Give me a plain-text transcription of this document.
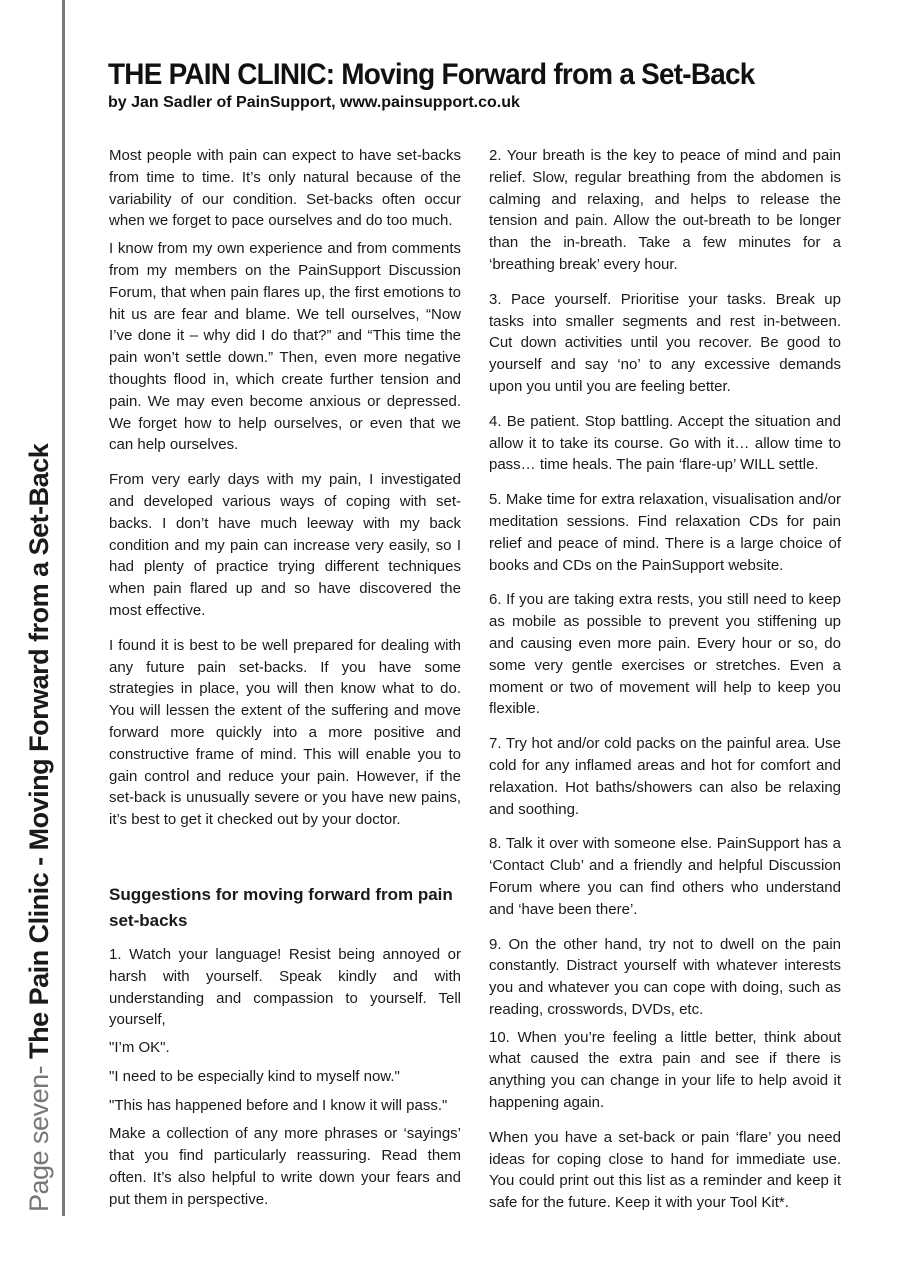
Page seven- The Pain Clinic - Moving Forward from a Set-Back
THE PAIN CLINIC: Moving Forward from a Set-Back
by Jan Sadler of PainSupport, www.painsupport.co.uk

Most people with pain can expect to have set-backs from time to time. It’s only natural because of the variability of our condition. Set-backs often occur when we forget to pace ourselves and do too much.

I know from my own experience and from comments from my members on the PainSupport Discussion Forum, that when pain flares up, the first emotions to hit us are fear and blame. We tell ourselves, “Now I’ve done it – why did I do that?” and “This time the pain won’t settle down.” Then, even more negative thoughts flood in, which create further tension and pain. We may even become anxious or depressed. We forget how to help ourselves, or even that we can help ourselves.

From very early days with my pain, I investigated and developed various ways of coping with set-backs. I don’t have much leeway with my back condition and my pain can increase very easily, so I had plenty of practice trying different techniques when pain flared up and so have discovered the most effective.

I found it is best to be well prepared for dealing with any future pain set-backs. If you have some strategies in place, you will then know what to do. You will lessen the extent of the suffering and move forward more quickly into a more positive and constructive frame of mind. This will enable you to gain control and reduce your pain. However, if the set-back is unusually severe or you have new pains, it’s best to get it checked out by your doctor.

Suggestions for moving forward from pain set-backs

1. Watch your language! Resist being annoyed or harsh with yourself. Speak kindly and with understanding and compassion to yourself. Tell yourself,

"I’m OK".

"I need to be especially kind to myself now."

"This has happened before and I know it will pass."

Make a collection of any more phrases or ‘sayings’ that you find particularly reassuring. Read them often. It’s also helpful to write down your fears and put them in perspective.

2. Your breath is the key to peace of mind and pain relief. Slow, regular breathing from the abdomen is calming and relaxing, and helps to release the tension and pain. Allow the out-breath to be longer than the in-breath. Take a few minutes for a ‘breathing break’ every hour.

3. Pace yourself. Prioritise your tasks. Break up tasks into smaller segments and rest in-between. Cut down activities until you recover. Be good to yourself and say ‘no’ to any excessive demands upon you until you are feeling better.

4. Be patient. Stop battling. Accept the situation and allow it to take its course. Go with it… allow time to pass… time heals. The pain ‘flare-up’ WILL settle.

5. Make time for extra relaxation, visualisation and/or meditation sessions. Find relaxation CDs for pain relief and peace of mind. There is a large choice of books and CDs on the PainSupport website.

6. If you are taking extra rests, you still need to keep as mobile as possible to prevent you stiffening up and causing even more pain. Every hour or so, do some very gentle exercises or stretches. Even a moment or two of movement will help to keep you flexible.

7. Try hot and/or cold packs on the painful area. Use cold for any inflamed areas and hot for comfort and relaxation. Hot baths/showers can also be relaxing and soothing.

8. Talk it over with someone else. PainSupport has a ‘Contact Club’ and a friendly and helpful Discussion Forum where you can find others who understand and ‘have been there’.

9. On the other hand, try not to dwell on the pain constantly. Distract yourself with whatever interests you and whatever you can cope with doing, such as reading, crosswords, DVDs, etc.

10. When you’re feeling a little better, think about what caused the extra pain and see if there is anything you can change in your life to help avoid it happening again.

When you have a set-back or pain ‘flare’ you need ideas for coping close to hand for immediate use. You could print out this list as a reminder and keep it safe for the future. Keep it with your Tool Kit*.
